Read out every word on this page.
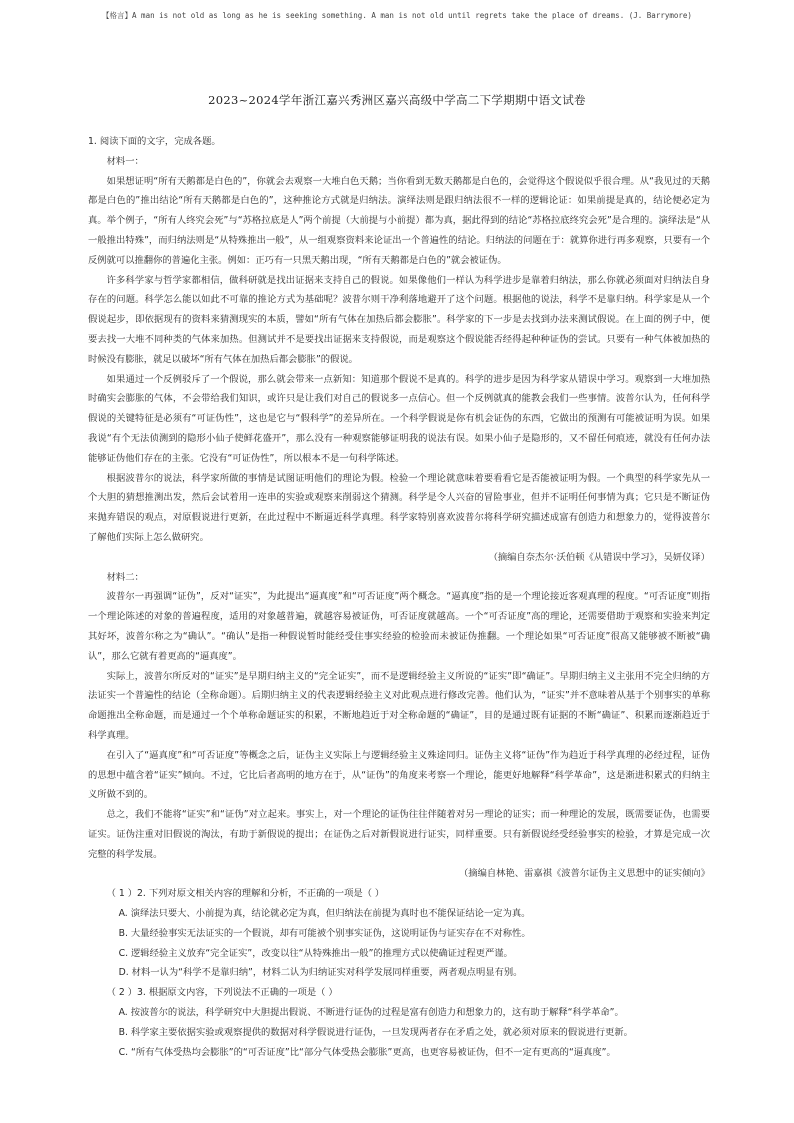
【格言】A man is not old as long as he is seeking something. A man is not old until regrets take the place of dreams. (J. Barrymore)
2023~2024学年浙江嘉兴秀洲区嘉兴高级中学高二下学期期中语文试卷

1. 阅读下面的文字，完成各题。

材料一：

如果想证明“所有天鹅都是白色的”，你就会去观察一大堆白色天鹅；当你看到无数天鹅都是白色的，会觉得这个假说似乎很合理。从“我见过的天鹅都是白色的”推出结论“所有天鹅都是白色的”，这种推论方式就是归纳法。演绎法则是跟归纳法很不一样的逻辑论证：如果前提是真的，结论便必定为真。举个例子，“所有人终究会死”与“苏格拉底是人”两个前提（大前提与小前提）都为真，据此得到的结论“苏格拉底终究会死”是合理的。演绎法是“从一般推出特殊”，而归纳法则是“从特殊推出一般”，从一组观察资料来论证出一个普遍性的结论。归纳法的问题在于：就算你进行再多观察，只要有一个反例就可以推翻你的普遍化主张。例如：正巧有一只黑天鹅出现，“所有天鹅都是白色的”就会被证伪。

许多科学家与哲学家都相信，做科研就是找出证据来支持自己的假说。如果像他们一样认为科学进步是靠着归纳法，那么你就必须面对归纳法自身存在的问题。科学怎么能以如此不可靠的推论方式为基础呢？波普尔则干净利落地避开了这个问题。根据他的说法，科学不是靠归纳。科学家是从一个假说起步，即依据现有的资料来猜测现实的本质，譬如“所有气体在加热后都会膨胀”。科学家的下一步是去找到办法来测试假说。在上面的例子中，便要去找一大堆不同种类的气体来加热。但测试并不是要找出证据来支持假说，而是观察这个假说能否经得起种种证伪的尝试。只要有一种气体被加热的时候没有膨胀，就足以破坏“所有气体在加热后都会膨胀”的假说。

如果通过一个反例驳斥了一个假说，那么就会带来一点新知：知道那个假说不是真的。科学的进步是因为科学家从错误中学习。观察到一大堆加热时确实会膨胀的气体，不会带给我们知识，或许只是让我们对自己的假说多一点信心。但一个反例就真的能教会我们一些事情。波普尔认为，任何科学假说的关键特征是必须有“可证伪性”，这也是它与“假科学”的差异所在。一个科学假说是你有机会证伪的东西，它做出的预测有可能被证明为误。如果我说“有个无法侦测到的隐形小仙子使鲜花盛开”，那么没有一种观察能够证明我的说法有误。如果小仙子是隐形的，又不留任何痕迹，就没有任何办法能够证伪他们存在的主张。它没有“可证伪性”，所以根本不是一句科学陈述。

根据波普尔的说法，科学家所做的事情是试图证明他们的理论为假。检验一个理论就意味着要看看它是否能被证明为假。一个典型的科学家先从一个大胆的猜想推测出发，然后会试着用一连串的实验或观察来削弱这个猜测。科学是令人兴奋的冒险事业，但并不证明任何事情为真；它只是不断证伪来抛弃错误的观点，对原假说进行更新，在此过程中不断逼近科学真理。科学家特别喜欢波普尔将科学研究描述成富有创造力和想象力的，觉得波普尔了解他们实际上怎么做研究。

（摘编自奈杰尔·沃伯顿《从错误中学习》，吴妍仪译）

材料二：

波普尔一再强调“证伪”，反对“证实”，为此提出“逼真度”和“可否证度”两个概念。“逼真度”指的是一个理论接近客观真理的程度。“可否证度”则指一个理论陈述的对象的普遍程度，适用的对象越普遍，就越容易被证伪，可否证度就越高。一个“可否证度”高的理论，还需要借助于观察和实验来判定其好坏，波普尔称之为“确认”。“确认”是指一种假说暂时能经受住事实经验的检验而未被证伪推翻。一个理论如果“可否证度”很高又能够被不断被“确认”，那么它就有着更高的“逼真度”。

实际上，波普尔所反对的“证实”是早期归纳主义的“完全证实”，而不是逻辑经验主义所说的“证实”即“确证”。早期归纳主义主张用不完全归纳的方法证实一个普遍性的结论（全称命题）。后期归纳主义的代表逻辑经验主义对此观点进行修改完善。他们认为，“证实”并不意味着从基于个别事实的单称命题推出全称命题，而是通过一个个单称命题证实的积累，不断地趋近于对全称命题的“确证”，目的是通过既有证据的不断“确证”、积累而逐渐趋近于科学真理。

在引入了“逼真度”和“可否证度”等概念之后，证伪主义实际上与逻辑经验主义殊途同归。证伪主义将“证伪”作为趋近于科学真理的必经过程，证伪的思想中蕴含着“证实”倾向。不过，它比后者高明的地方在于，从“证伪”的角度来考察一个理论，能更好地解释“科学革命”，这是渐进积累式的归纳主义所做不到的。

总之，我们不能将“证实”和“证伪”对立起来。事实上，对一个理论的证伪往往伴随着对另一理论的证实；而一种理论的发展，既需要证伪，也需要证实。证伪注重对旧假说的淘汰，有助于新假说的提出；在证伪之后对新假说进行证实，同样重要。只有新假说经受经验事实的检验，才算是完成一次完整的科学发展。

（摘编自林艳、雷嘉祺《波普尔证伪主义思想中的证实倾向》

（ 1 ）2. 下列对原文相关内容的理解和分析，不正确的一项是（ ）

A. 演绎法只要大、小前提为真，结论就必定为真，但归纳法在前提为真时也不能保证结论一定为真。

B. 大量经验事实无法证实的一个假说，却有可能被个别事实证伪，这说明证伪与证实存在不对称性。

C. 逻辑经验主义放弃“完全证实”，改变以往“从特殊推出一般”的推理方式以使确证过程更严谨。

D. 材料一认为“科学不是靠归纳”，材料二认为归纳证实对科学发展同样重要，两者观点明显有别。

（ 2 ）3. 根据原文内容，下列说法不正确的一项是（ ）

A. 按波普尔的说法，科学研究中大胆提出假说、不断进行证伪的过程是富有创造力和想象力的，这有助于解释“科学革命”。

B. 科学家主要依据实验或观察提供的数据对科学假说进行证伪，一旦发现两者存在矛盾之处，就必须对原来的假说进行更新。

C. “所有气体受热均会膨胀”的“可否证度”比“部分气体受热会膨胀”更高，也更容易被证伪，但不一定有更高的“逼真度”。
